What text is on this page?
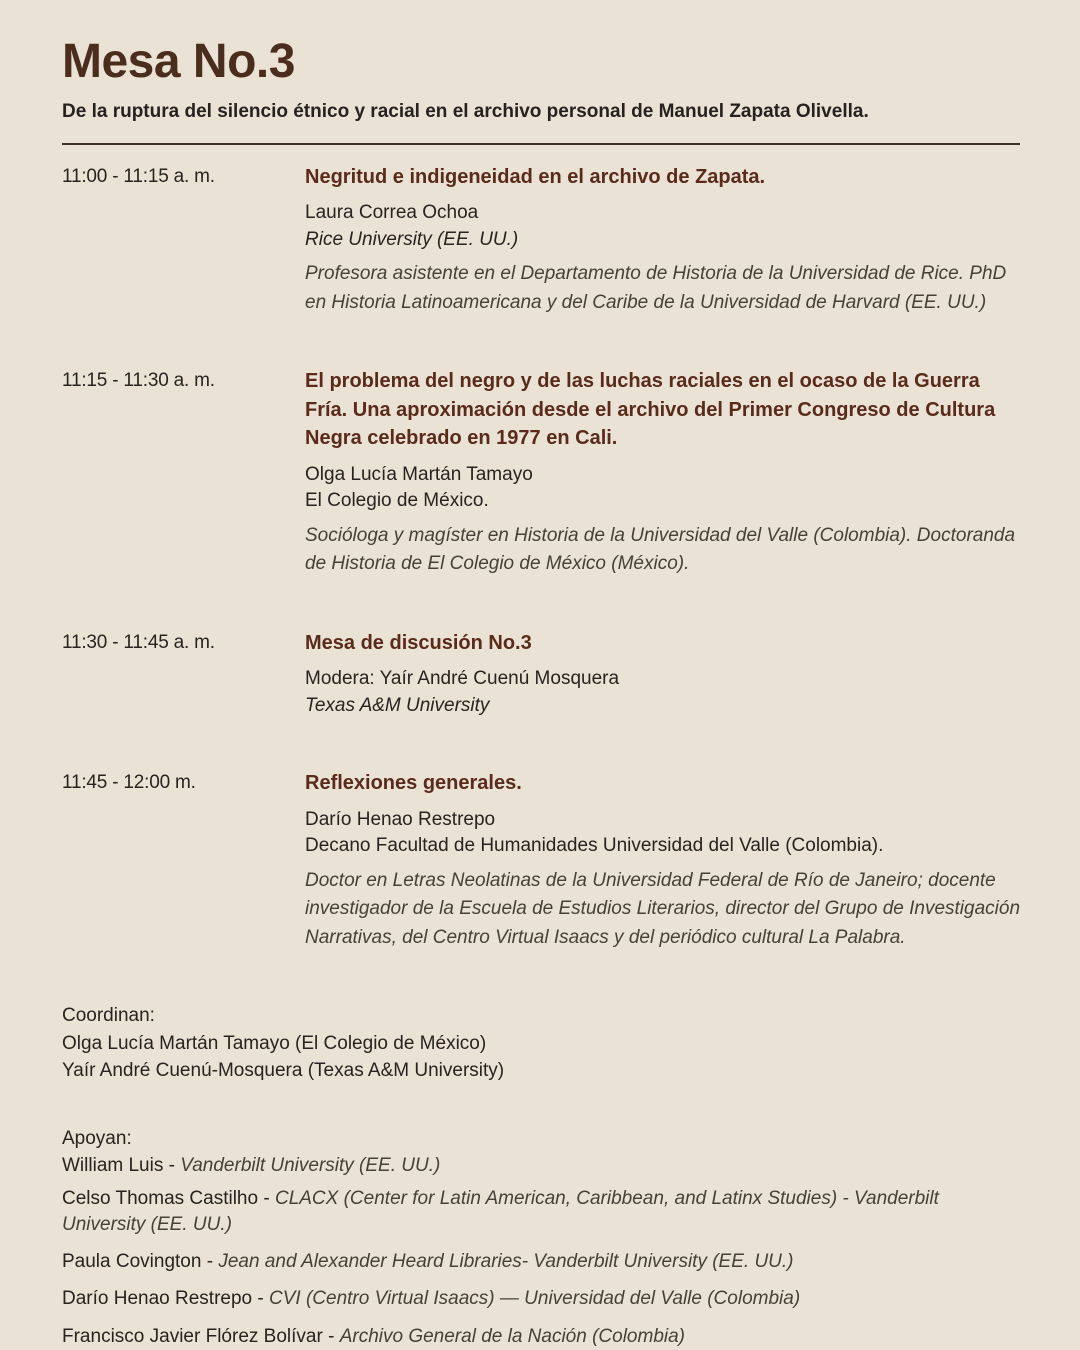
Mesa No.3
De la ruptura del silencio étnico y racial en el archivo personal de Manuel Zapata Olivella.
11:00 - 11:15 a. m.	Negritud e indigeneidad en el archivo de Zapata.
Laura Correa Ochoa
Rice University (EE. UU.)
Profesora asistente en el Departamento de Historia de la Universidad de Rice. PhD en Historia Latinoamericana y del Caribe de la Universidad de Harvard (EE. UU.)
11:15 - 11:30 a. m.	El problema del negro y de las luchas raciales en el ocaso de la Guerra Fría. Una aproximación desde el archivo del Primer Congreso de Cultura Negra celebrado en 1977 en Cali.
Olga Lucía Martán Tamayo
El Colegio de México.
Socióloga y magíster en Historia de la Universidad del Valle (Colombia). Doctoranda de Historia de El Colegio de México (México).
11:30 - 11:45 a. m.	Mesa de discusión No.3
Modera: Yaír André Cuenú Mosquera
Texas A&M University
11:45 - 12:00 m.	Reflexiones generales.
Darío Henao Restrepo
Decano Facultad de Humanidades Universidad del Valle (Colombia).
Doctor en Letras Neolatinas de la Universidad Federal de Río de Janeiro; docente investigador de la Escuela de Estudios Literarios, director del Grupo de Investigación Narrativas, del Centro Virtual Isaacs y del periódico cultural La Palabra.
Coordinan:
Olga Lucía Martán Tamayo (El Colegio de México)
Yaír André Cuenú-Mosquera (Texas A&M University)
Apoyan:

William Luis - Vanderbilt University (EE. UU.)

Celso Thomas Castilho - CLACX (Center for Latin American, Caribbean, and Latinx Studies) - Vanderbilt University (EE. UU.)

Paula Covington - Jean and Alexander Heard Libraries- Vanderbilt University (EE. UU.)

Darío Henao Restrepo - CVI (Centro Virtual Isaacs) — Universidad del Valle (Colombia)

Francisco Javier Flórez Bolívar - Archivo General de la Nación (Colombia)
